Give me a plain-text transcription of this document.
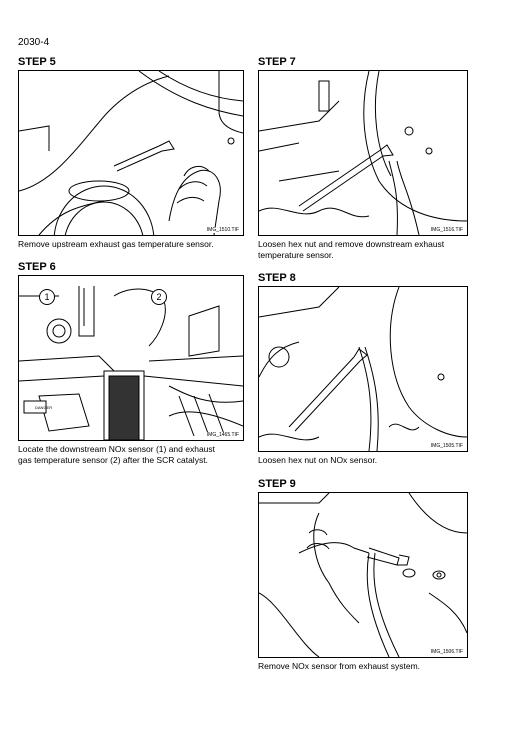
2030-4
STEP 5
IMG_1510.TIF
Remove upstream exhaust gas temperature sensor.
STEP 6
DANGER
1	2
IMG_1465.TIF
Locate the downstream NOx sensor (1) and exhaust
gas temperature sensor (2) after the SCR catalyst.
STEP 7
IMG_1516.TIF
Loosen hex nut and remove downstream exhaust
temperature sensor.
STEP 8
IMG_1505.TIF
Loosen hex nut on NOx sensor.
STEP 9
IMG_1506.TIF
Remove NOx sensor from exhaust system.
